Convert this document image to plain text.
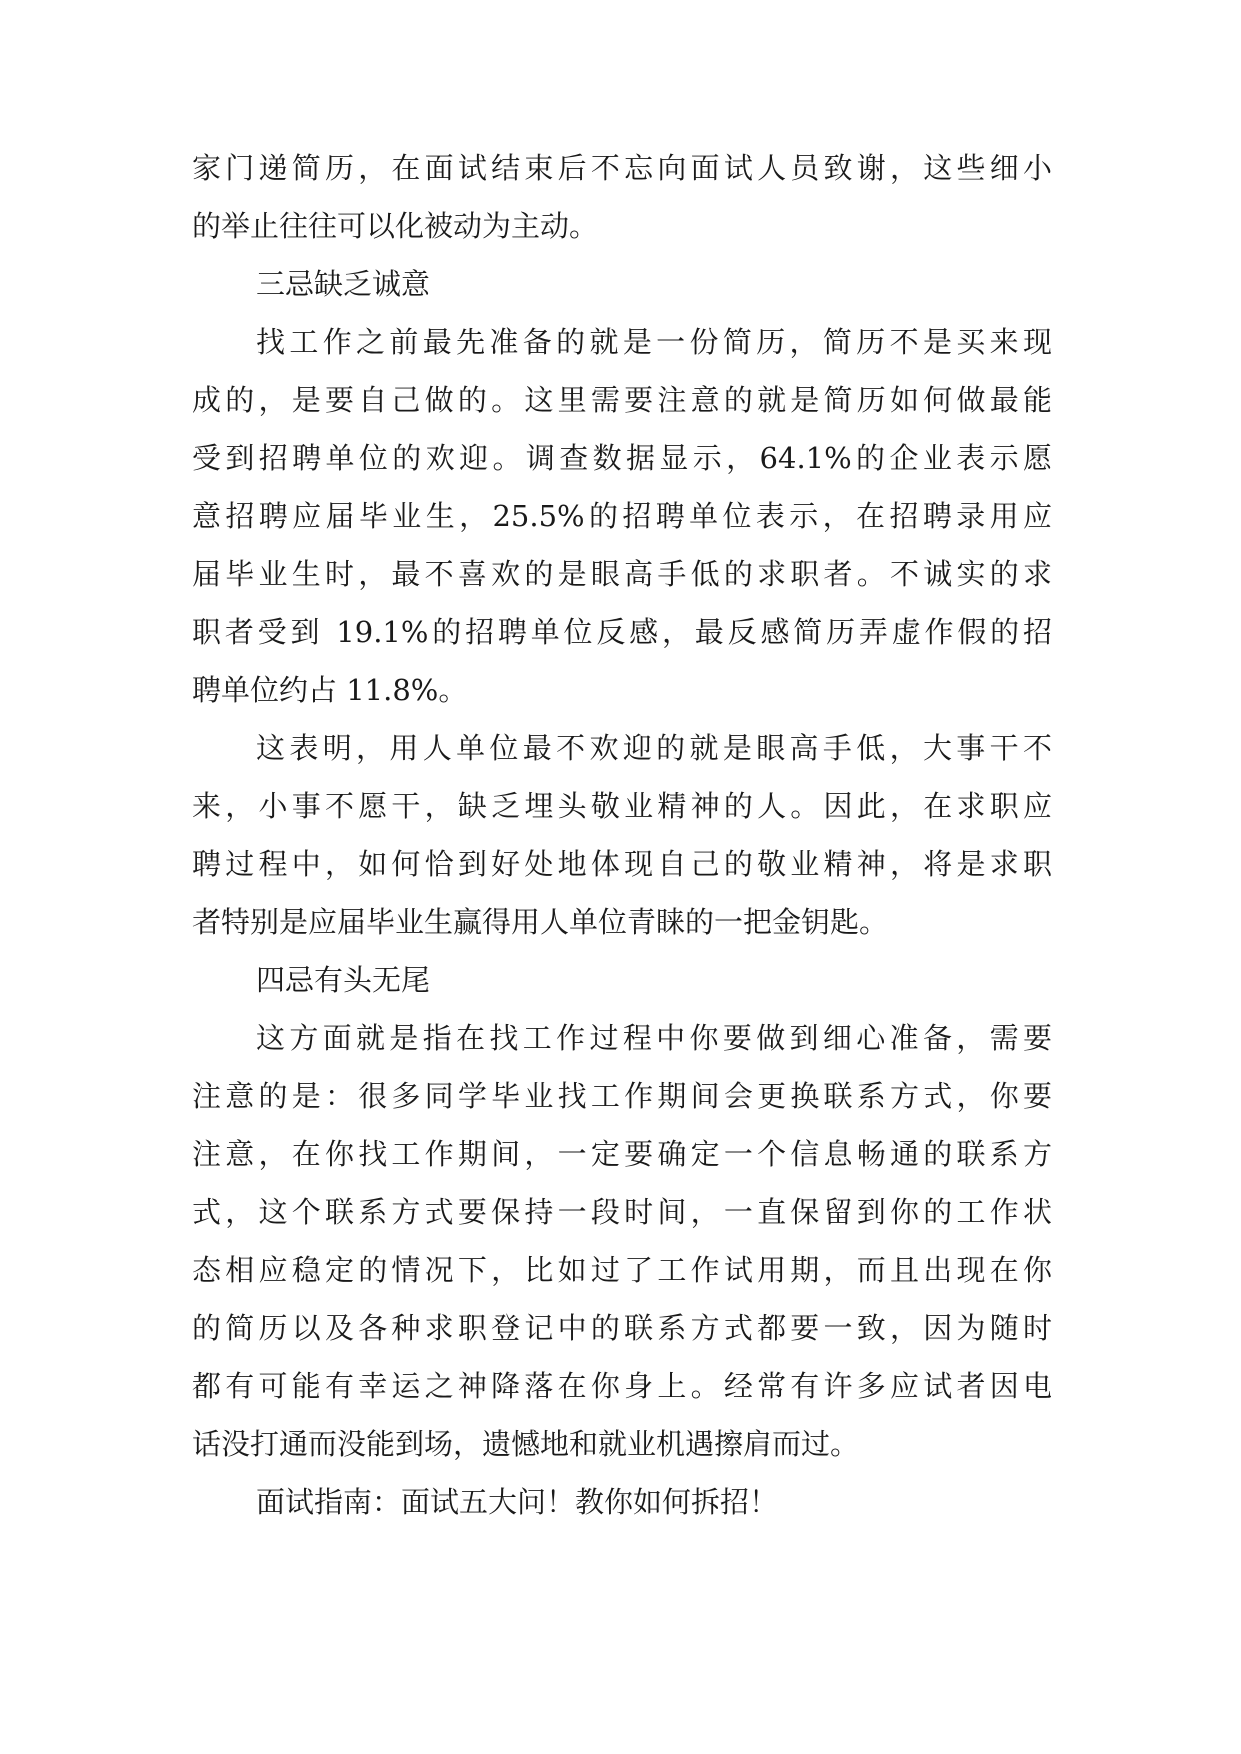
家门递简历，在面试结束后不忘向面试人员致谢，这些细小
的举止往往可以化被动为主动。
三忌缺乏诚意
找工作之前最先准备的就是一份简历，简历不是买来现
成的，是要自己做的。这里需要注意的就是简历如何做最能
受到招聘单位的欢迎。调查数据显示，64.1%的企业表示愿
意招聘应届毕业生，25.5%的招聘单位表示，在招聘录用应
届毕业生时，最不喜欢的是眼高手低的求职者。不诚实的求
职者受到 19.1%的招聘单位反感，最反感简历弄虚作假的招
聘单位约占 11.8%。
这表明，用人单位最不欢迎的就是眼高手低，大事干不
来，小事不愿干，缺乏埋头敬业精神的人。因此，在求职应
聘过程中，如何恰到好处地体现自己的敬业精神，将是求职
者特别是应届毕业生赢得用人单位青睐的一把金钥匙。
四忌有头无尾
这方面就是指在找工作过程中你要做到细心准备，需要
注意的是：很多同学毕业找工作期间会更换联系方式，你要
注意，在你找工作期间，一定要确定一个信息畅通的联系方
式，这个联系方式要保持一段时间，一直保留到你的工作状
态相应稳定的情况下，比如过了工作试用期，而且出现在你
的简历以及各种求职登记中的联系方式都要一致，因为随时
都有可能有幸运之神降落在你身上。经常有许多应试者因电
话没打通而没能到场，遗憾地和就业机遇擦肩而过。
面试指南：面试五大问！教你如何拆招！
